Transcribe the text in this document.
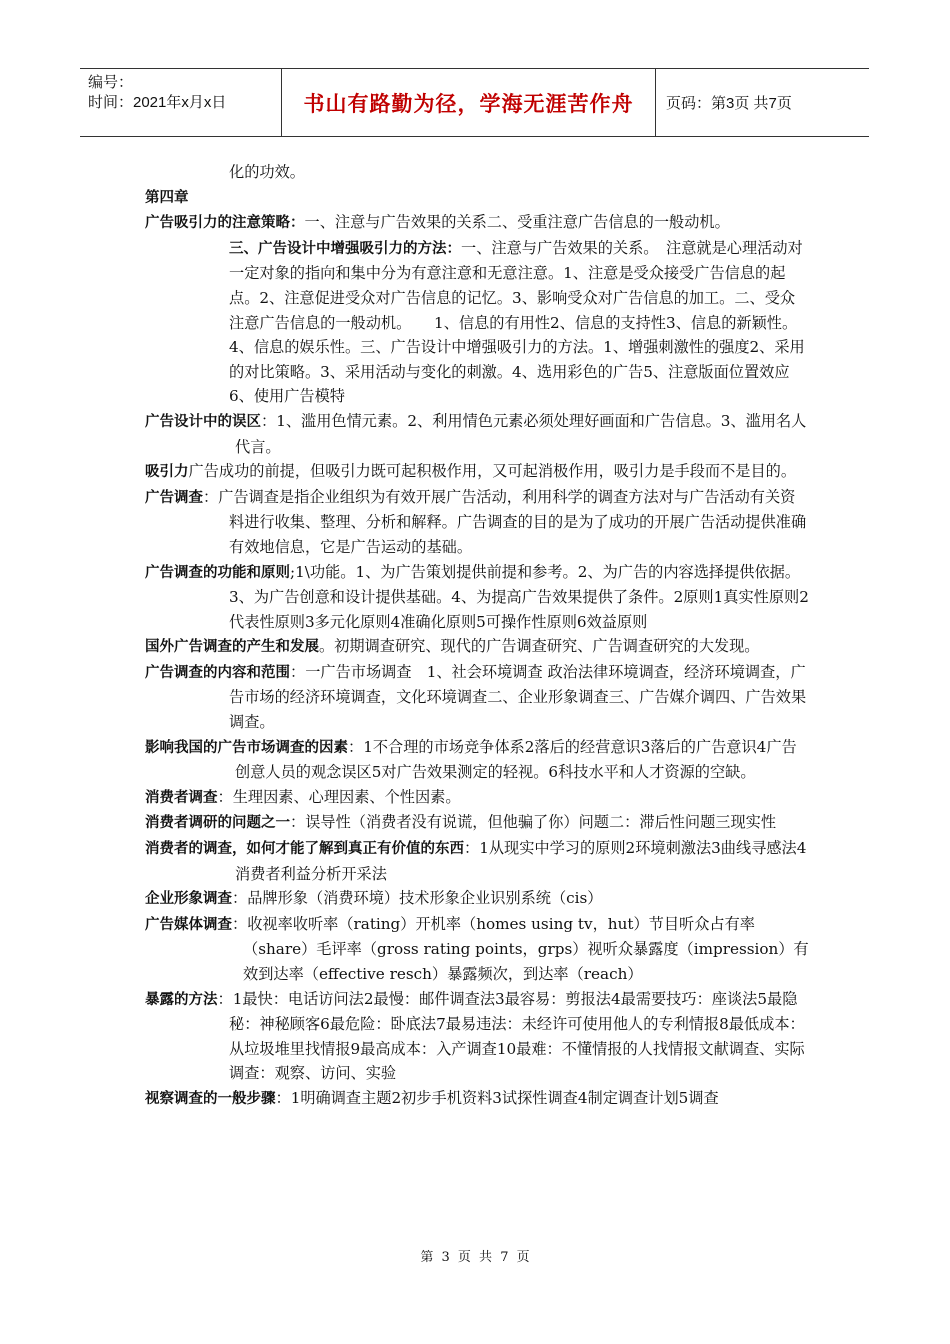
编号：
时间：2021年x月x日	书山有路勤为径，学海无涯苦作舟	页码：第3页 共7页

化的功效。

第四章

广告吸引力的注意策略：一、注意与广告效果的关系二、受重注意广告信息的一般动机。

三、广告设计中增强吸引力的方法：一、注意与广告效果的关系。　注意就是心理活动对一定对象的指向和集中分为有意注意和无意注意。1、注意是受众接受广告信息的起点。2、注意促进受众对广告信息的记忆。3、影响受众对广告信息的加工。二、受众注意广告信息的一般动机。　　1、信息的有用性2、信息的支持性3、信息的新颖性。4、信息的娱乐性。三、广告设计中增强吸引力的方法。1、增强刺激性的强度2、采用的对比策略。3、采用活动与变化的刺激。4、选用彩色的广告5、注意版面位置效应6、使用广告模特

广告设计中的误区：1、滥用色情元素。2、利用情色元素必须处理好画面和广告信息。3、滥用名人代言。

吸引力广告成功的前提，但吸引力既可起积极作用，又可起消极作用，吸引力是手段而不是目的。

广告调查：广告调查是指企业组织为有效开展广告活动，利用科学的调查方法对与广告活动有关资料进行收集、整理、分析和解释。广告调查的目的是为了成功的开展广告活动提供准确有效地信息，它是广告运动的基础。

广告调查的功能和原则;1\功能。1、为广告策划提供前提和参考。2、为广告的内容选择提供依据。3、为广告创意和设计提供基础。4、为提高广告效果提供了条件。2原则1真实性原则2代表性原则3多元化原则4准确化原则5可操作性原则6效益原则

国外广告调查的产生和发展。初期调查研究、现代的广告调查研究、广告调查研究的大发现。

广告调查的内容和范围：一广告市场调查　1、社会环境调查 政治法律环境调查，经济环境调查，广告市场的经济环境调查，文化环境调查二、企业形象调查三、广告媒介调四、广告效果调查。

影响我国的广告市场调查的因素：1不合理的市场竞争体系2落后的经营意识3落后的广告意识4广告创意人员的观念误区5对广告效果测定的轻视。6科技水平和人才资源的空缺。

消费者调查：生理因素、心理因素、个性因素。

消费者调研的问题之一：误导性（消费者没有说谎，但他骗了你）问题二：滞后性问题三现实性

消费者的调查，如何才能了解到真正有价值的东西：1从现实中学习的原则2环境刺激法3曲线寻感法4消费者利益分析开采法

企业形象调查：品牌形象（消费环境）技术形象企业识别系统（cis）

广告媒体调查：收视率收听率（rating）开机率（homes using tv，hut）节目听众占有率（share）毛评率（gross rating points，grps）视听众暴露度（impression）有效到达率（effective resch）暴露频次，到达率（reach）

暴露的方法：1最快：电话访问法2最慢：邮件调查法3最容易：剪报法4最需要技巧：座谈法5最隐秘：神秘顾客6最危险：卧底法7最易违法：未经许可使用他人的专利情报8最低成本：从垃圾堆里找情报9最高成本：入产调查10最难：不懂情报的人找情报文献调查、实际调查：观察、访问、实验

视察调查的一般步骤：1明确调查主题2初步手机资料3试探性调查4制定调查计划5调查

第 3 页 共 7 页
